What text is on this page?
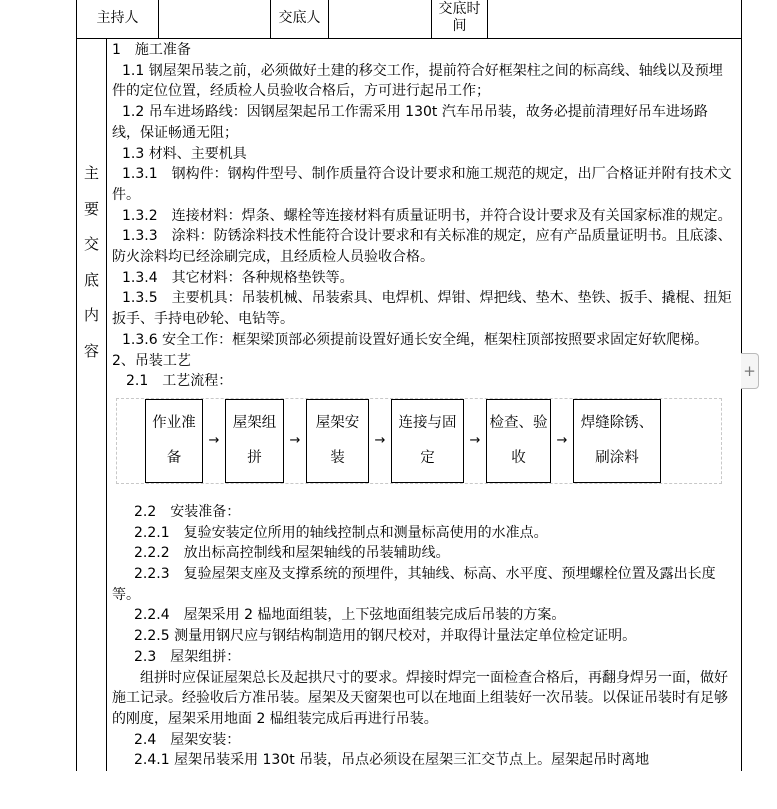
主持人	交底人
交底时间
主
要
交
底
内
容

1　施工准备

1.1 钢屋架吊装之前，必须做好土建的移交工作，提前符合好框架柱之间的标高线、轴线以及预埋件的定位位置，经质检人员验收合格后，方可进行起吊工作；

1.2 吊车进场路线：因钢屋架起吊工作需采用 130t 汽车吊吊装，故务必提前清理好吊车进场路线，保证畅通无阻；

1.3 材料、主要机具

1.3.1　钢构件：钢构件型号、制作质量符合设计要求和施工规范的规定，出厂合格证并附有技术文件。

1.3.2　连接材料：焊条、螺栓等连接材料有质量证明书，并符合设计要求及有关国家标准的规定。

1.3.3　涂料：防锈涂料技术性能符合设计要求和有关标准的规定，应有产品质量证明书。且底漆、防火涂料均已经涂刷完成，且经质检人员验收合格。

1.3.4　其它材料：各种规格垫铁等。

1.3.5　主要机具：吊装机械、吊装索具、电焊机、焊钳、焊把线、垫木、垫铁、扳手、撬棍、扭矩扳手、手持电砂轮、电钻等。

1.3.6 安全工作：框架梁顶部必须提前设置好通长安全绳，框架柱顶部按照要求固定好软爬梯。

2、吊装工艺

2.1　工艺流程：

作业准
备
→
屋架组
拼
→
屋架安
装
→
连接与固
定
→
检查、验
收
→
焊缝除锈、
刷涂料

2.2　安装准备：

2.2.1　复验安装定位所用的轴线控制点和测量标高使用的水准点。

2.2.2　放出标高控制线和屋架轴线的吊装辅助线。

2.2.3　复验屋架支座及支撑系统的预埋件，其轴线、标高、水平度、预埋螺栓位置及露出长度等。

2.2.4　屋架采用 2 榀地面组装，上下弦地面组装完成后吊装的方案。

2.2.5 测量用钢尺应与钢结构制造用的钢尺校对，并取得计量法定单位检定证明。

2.3　屋架组拼：

组拼时应保证屋架总长及起拱尺寸的要求。焊接时焊完一面检查合格后，再翻身焊另一面，做好施工记录。经验收后方准吊装。屋架及天窗架也可以在地面上组装好一次吊装。以保证吊装时有足够的刚度，屋架采用地面 2 榀组装完成后再进行吊装。

2.4　屋架安装：

2.4.1 屋架吊装采用 130t 吊装，吊点必须设在屋架三汇交节点上。屋架起吊时离地

+
